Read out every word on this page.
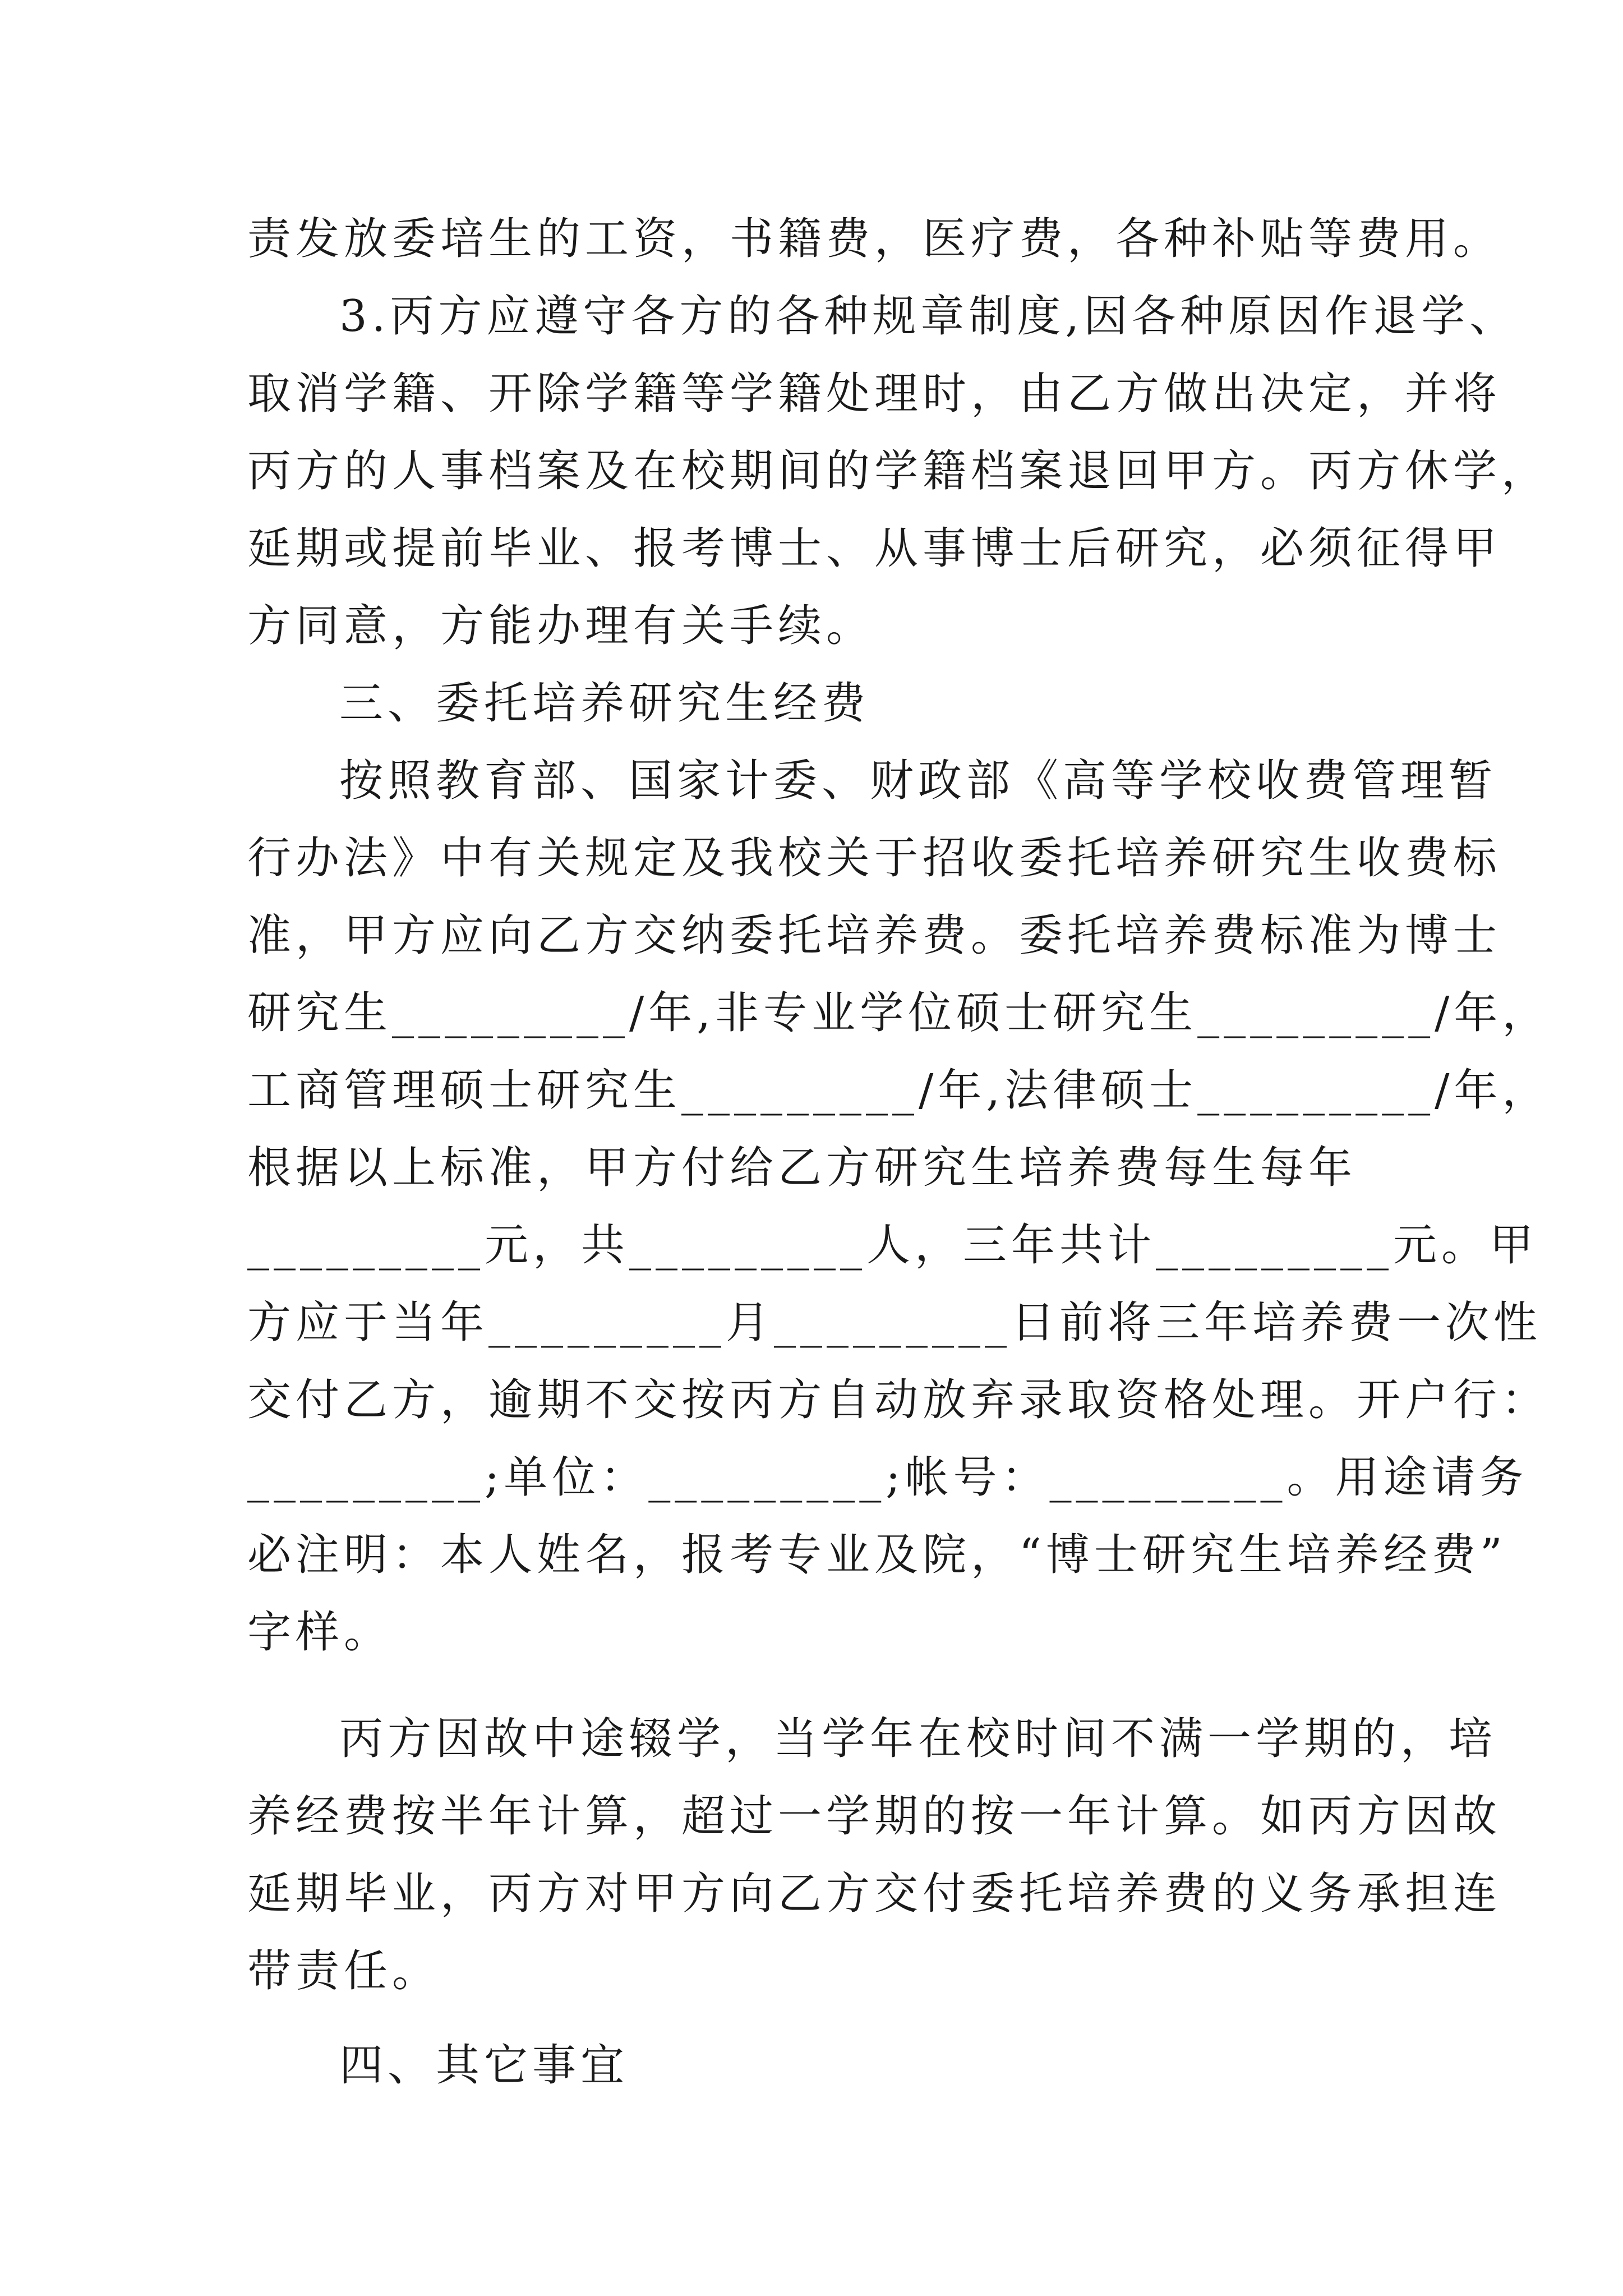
责发放委培生的工资，书籍费，医疗费，各种补贴等费用。
3.丙方应遵守各方的各种规章制度,因各种原因作退学、
取消学籍、开除学籍等学籍处理时，由乙方做出决定，并将
丙方的人事档案及在校期间的学籍档案退回甲方。丙方休学，
延期或提前毕业、报考博士、从事博士后研究，必须征得甲
方同意，方能办理有关手续。
三、委托培养研究生经费
按照教育部、国家计委、财政部《高等学校收费管理暂
行办法》中有关规定及我校关于招收委托培养研究生收费标
准，甲方应向乙方交纳委托培养费。委托培养费标准为博士
研究生_________/年,非专业学位硕士研究生_________/年，
工商管理硕士研究生_________/年,法律硕士_________/年，
根据以上标准，甲方付给乙方研究生培养费每生每年
_________元，共_________人，三年共计_________元。甲
方应于当年_________月_________日前将三年培养费一次性
交付乙方，逾期不交按丙方自动放弃录取资格处理。开户行：
_________;单位：_________;帐号：_________。用途请务
必注明：本人姓名，报考专业及院，“博士研究生培养经费”
字样。
丙方因故中途辍学，当学年在校时间不满一学期的，培
养经费按半年计算，超过一学期的按一年计算。如丙方因故
延期毕业，丙方对甲方向乙方交付委托培养费的义务承担连
带责任。
四、其它事宜
